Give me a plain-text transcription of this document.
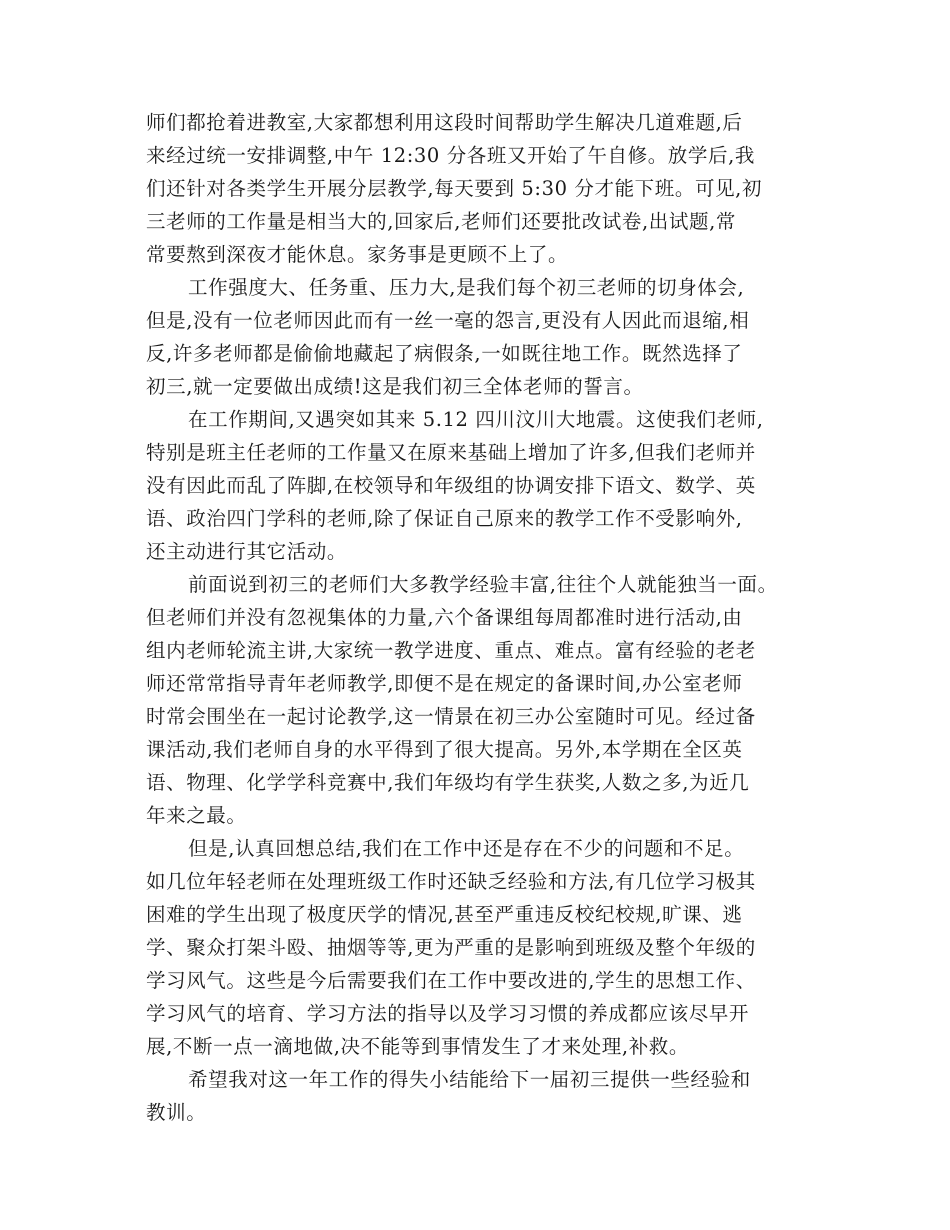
师们都抢着进教室,大家都想利用这段时间帮助学生解决几道难题,后
来经过统一安排调整,中午 12:30 分各班又开始了午自修。放学后,我
们还针对各类学生开展分层教学,每天要到 5:30 分才能下班。可见,初
三老师的工作量是相当大的,回家后,老师们还要批改试卷,出试题,常
常要熬到深夜才能休息。家务事是更顾不上了。
工作强度大、任务重、压力大,是我们每个初三老师的切身体会,
但是,没有一位老师因此而有一丝一毫的怨言,更没有人因此而退缩,相
反,许多老师都是偷偷地藏起了病假条,一如既往地工作。既然选择了
初三,就一定要做出成绩!这是我们初三全体老师的誓言。
在工作期间,又遇突如其来 5.12 四川汶川大地震。这使我们老师,
特别是班主任老师的工作量又在原来基础上增加了许多,但我们老师并
没有因此而乱了阵脚,在校领导和年级组的协调安排下语文、数学、英
语、政治四门学科的老师,除了保证自己原来的教学工作不受影响外,
还主动进行其它活动。
前面说到初三的老师们大多教学经验丰富,往往个人就能独当一面。
但老师们并没有忽视集体的力量,六个备课组每周都准时进行活动,由
组内老师轮流主讲,大家统一教学进度、重点、难点。富有经验的老老
师还常常指导青年老师教学,即便不是在规定的备课时间,办公室老师
时常会围坐在一起讨论教学,这一情景在初三办公室随时可见。经过备
课活动,我们老师自身的水平得到了很大提高。另外,本学期在全区英
语、物理、化学学科竞赛中,我们年级均有学生获奖,人数之多,为近几
年来之最。
但是,认真回想总结,我们在工作中还是存在不少的问题和不足。
如几位年轻老师在处理班级工作时还缺乏经验和方法,有几位学习极其
困难的学生出现了极度厌学的情况,甚至严重违反校纪校规,旷课、逃
学、聚众打架斗殴、抽烟等等,更为严重的是影响到班级及整个年级的
学习风气。这些是今后需要我们在工作中要改进的,学生的思想工作、
学习风气的培育、学习方法的指导以及学习习惯的养成都应该尽早开
展,不断一点一滴地做,决不能等到事情发生了才来处理,补救。
希望我对这一年工作的得失小结能给下一届初三提供一些经验和
教训。
